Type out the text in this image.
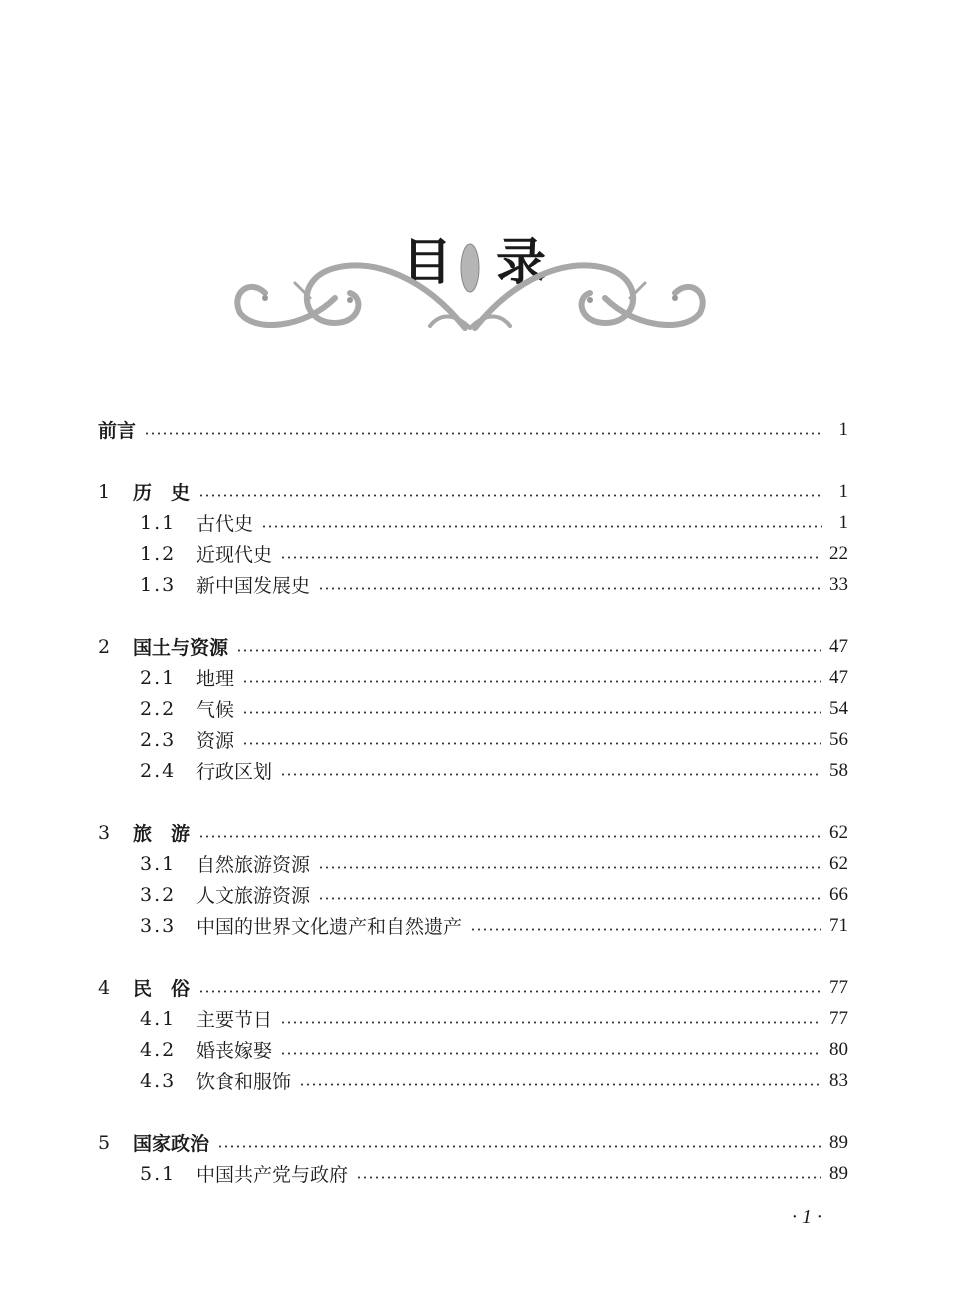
目 录
前言	1
1	历　史	1
1.1	古代史	1
1.2	近现代史	22
1.3	新中国发展史	33
2	国土与资源	47
2.1	地理	47
2.2	气候	54
2.3	资源	56
2.4	行政区划	58
3	旅　游	62
3.1	自然旅游资源	62
3.2	人文旅游资源	66
3.3	中国的世界文化遗产和自然遗产	71
4	民　俗	77
4.1	主要节日	77
4.2	婚丧嫁娶	80
4.3	饮食和服饰	83
5	国家政治	89
5.1	中国共产党与政府	89
· 1 ·
